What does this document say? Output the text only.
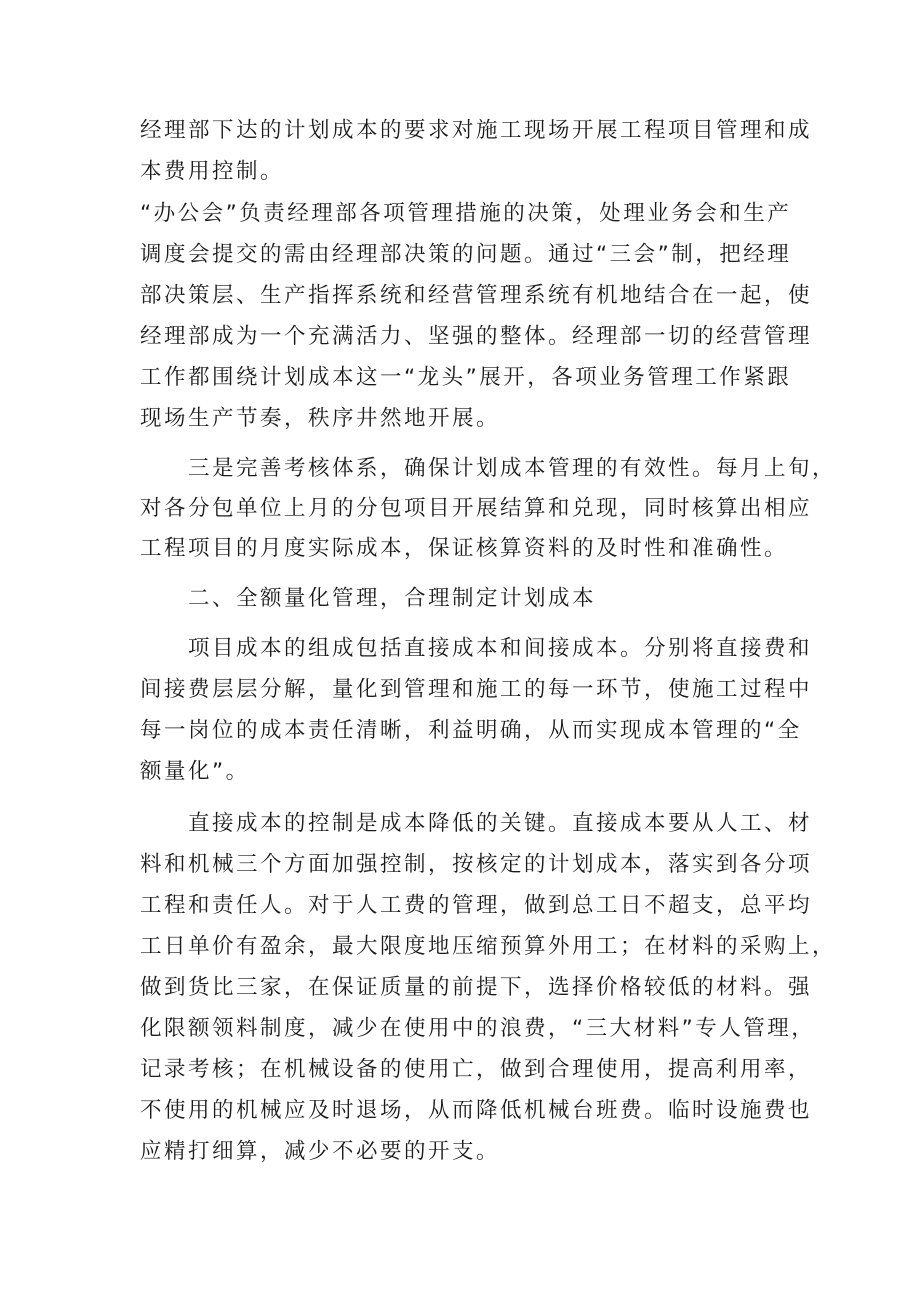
经理部下达的计划成本的要求对施工现场开展工程项目管理和成
本费用控制。
“办公会”负责经理部各项管理措施的决策，处理业务会和生产
调度会提交的需由经理部决策的问题。通过“三会”制，把经理
部决策层、生产指挥系统和经营管理系统有机地结合在一起，使
经理部成为一个充满活力、坚强的整体。经理部一切的经营管理
工作都围绕计划成本这一“龙头”展开，各项业务管理工作紧跟
现场生产节奏，秩序井然地开展。
三是完善考核体系，确保计划成本管理的有效性。每月上旬，
对各分包单位上月的分包项目开展结算和兑现，同时核算出相应
工程项目的月度实际成本，保证核算资料的及时性和准确性。
二、全额量化管理，合理制定计划成本
项目成本的组成包括直接成本和间接成本。分别将直接费和
间接费层层分解，量化到管理和施工的每一环节，使施工过程中
每一岗位的成本责任清晰，利益明确，从而实现成本管理的“全
额量化”。
直接成本的控制是成本降低的关键。直接成本要从人工、材
料和机械三个方面加强控制，按核定的计划成本，落实到各分项
工程和责任人。对于人工费的管理，做到总工日不超支，总平均
工日单价有盈余，最大限度地压缩预算外用工；在材料的采购上，
做到货比三家，在保证质量的前提下，选择价格较低的材料。强
化限额领料制度，减少在使用中的浪费，“三大材料”专人管理，
记录考核；在机械设备的使用亡，做到合理使用，提高利用率，
不使用的机械应及时退场，从而降低机械台班费。临时设施费也
应精打细算，减少不必要的开支。
